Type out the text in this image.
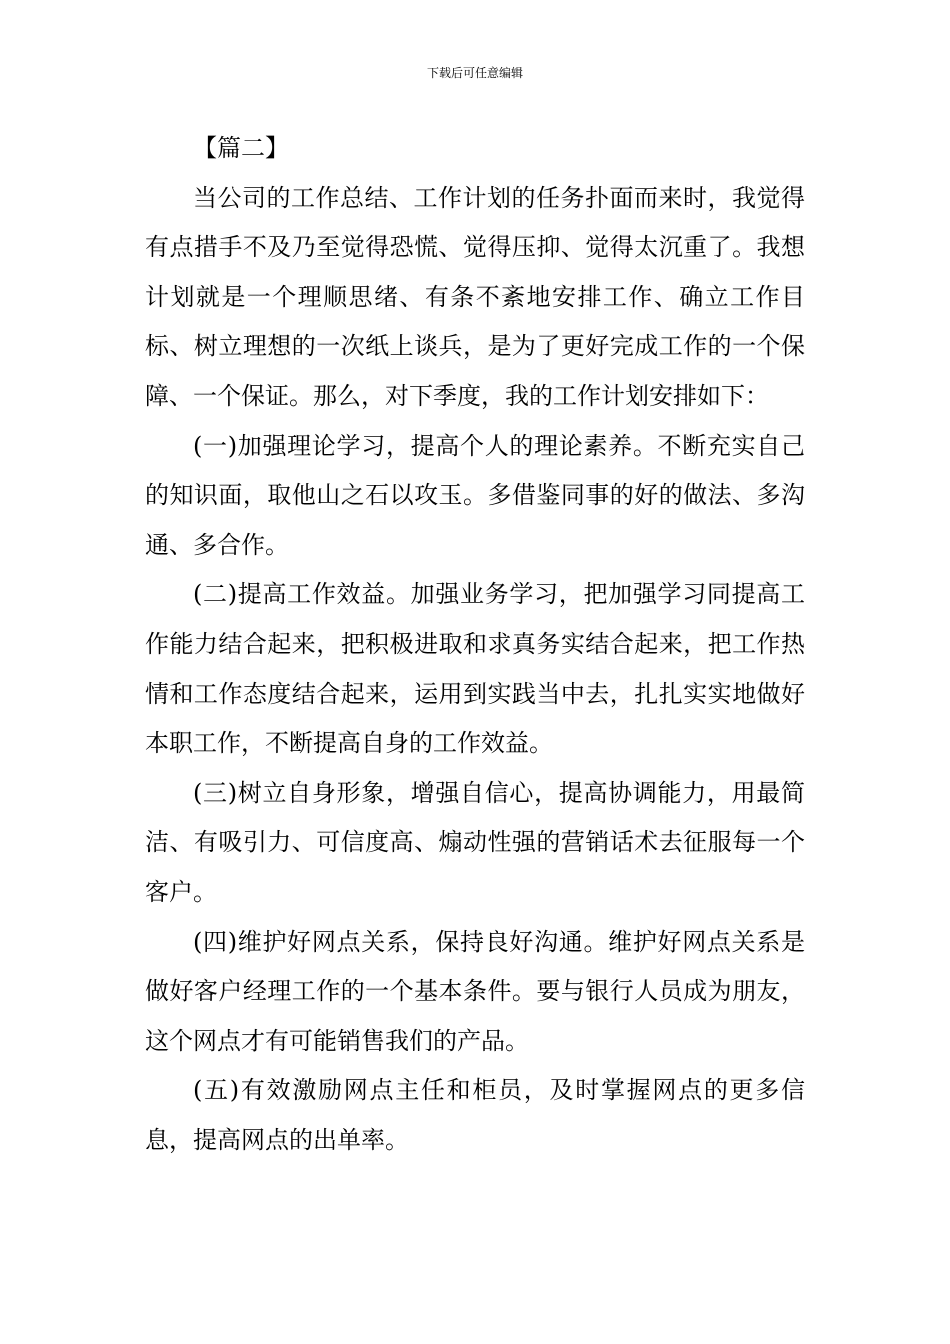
下载后可任意编辑

【篇二】

当公司的工作总结、工作计划的任务扑面而来时，我觉得有点措手不及乃至觉得恐慌、觉得压抑、觉得太沉重了。我想计划就是一个理顺思绪、有条不紊地安排工作、确立工作目标、树立理想的一次纸上谈兵，是为了更好完成工作的一个保障、一个保证。那么，对下季度，我的工作计划安排如下：

(一)加强理论学习，提高个人的理论素养。不断充实自己的知识面，取他山之石以攻玉。多借鉴同事的好的做法、多沟通、多合作。

(二)提高工作效益。加强业务学习，把加强学习同提高工作能力结合起来，把积极进取和求真务实结合起来，把工作热情和工作态度结合起来，运用到实践当中去，扎扎实实地做好本职工作，不断提高自身的工作效益。

(三)树立自身形象，增强自信心，提高协调能力，用最简洁、有吸引力、可信度高、煽动性强的营销话术去征服每一个客户。

(四)维护好网点关系，保持良好沟通。维护好网点关系是做好客户经理工作的一个基本条件。要与银行人员成为朋友，这个网点才有可能销售我们的产品。

(五)有效激励网点主任和柜员，及时掌握网点的更多信息，提高网点的出单率。
